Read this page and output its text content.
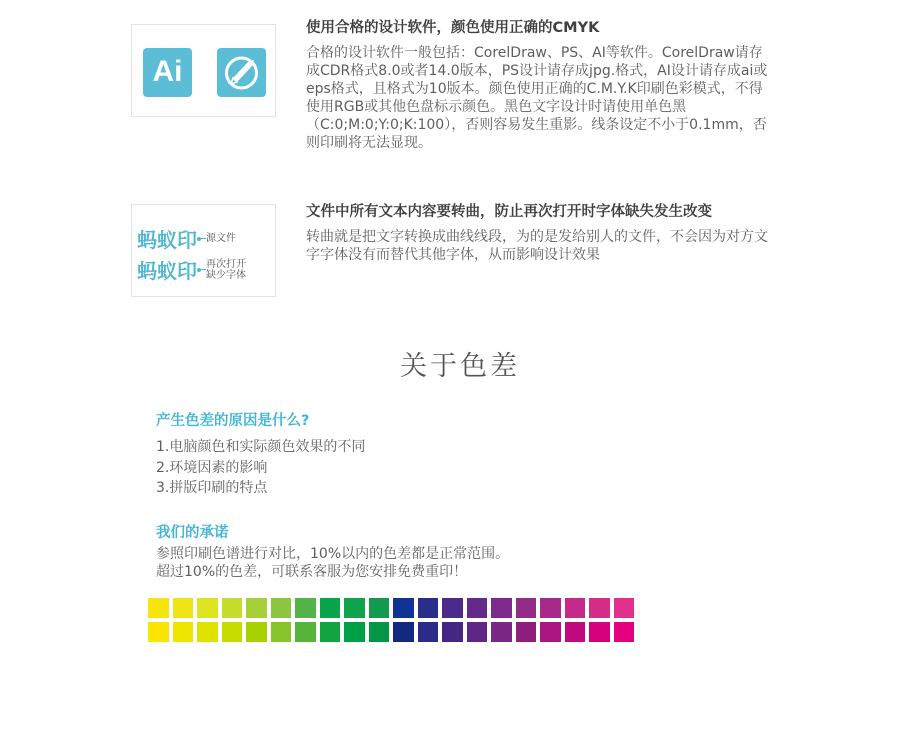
Ai
使用合格的设计软件，颜色使用正确的CMYK
合格的设计软件一般包括：CorelDraw、PS、AI等软件。CorelDraw请存成CDR格式8.0或者14.0版本，PS设计请存成jpg.格式，AI设计请存成ai或eps格式，且格式为10版本。颜色使用正确的C.M.Y.K印刷色彩模式，不得使用RGB或其他色盘标示颜色。黑色文字设计时请使用单色黑（C:0;M:0;Y:0;K:100），否则容易发生重影。线条设定不小于0.1mm，否则印刷将无法显现。
蚂蚁印 源文件
蚂蚁印 再次打开
缺少字体
文件中所有文本内容要转曲，防止再次打开时字体缺失发生改变
转曲就是把文字转换成曲线线段，为的是发给别人的文件，不会因为对方文字字体没有而替代其他字体，从而影响设计效果
关于色差
产生色差的原因是什么?
1.电脑颜色和实际颜色效果的不同
2.环境因素的影响
3.拼版印刷的特点
我们的承诺
参照印刷色谱进行对比，10%以内的色差都是正常范围。
超过10%的色差，可联系客服为您安排免费重印！
